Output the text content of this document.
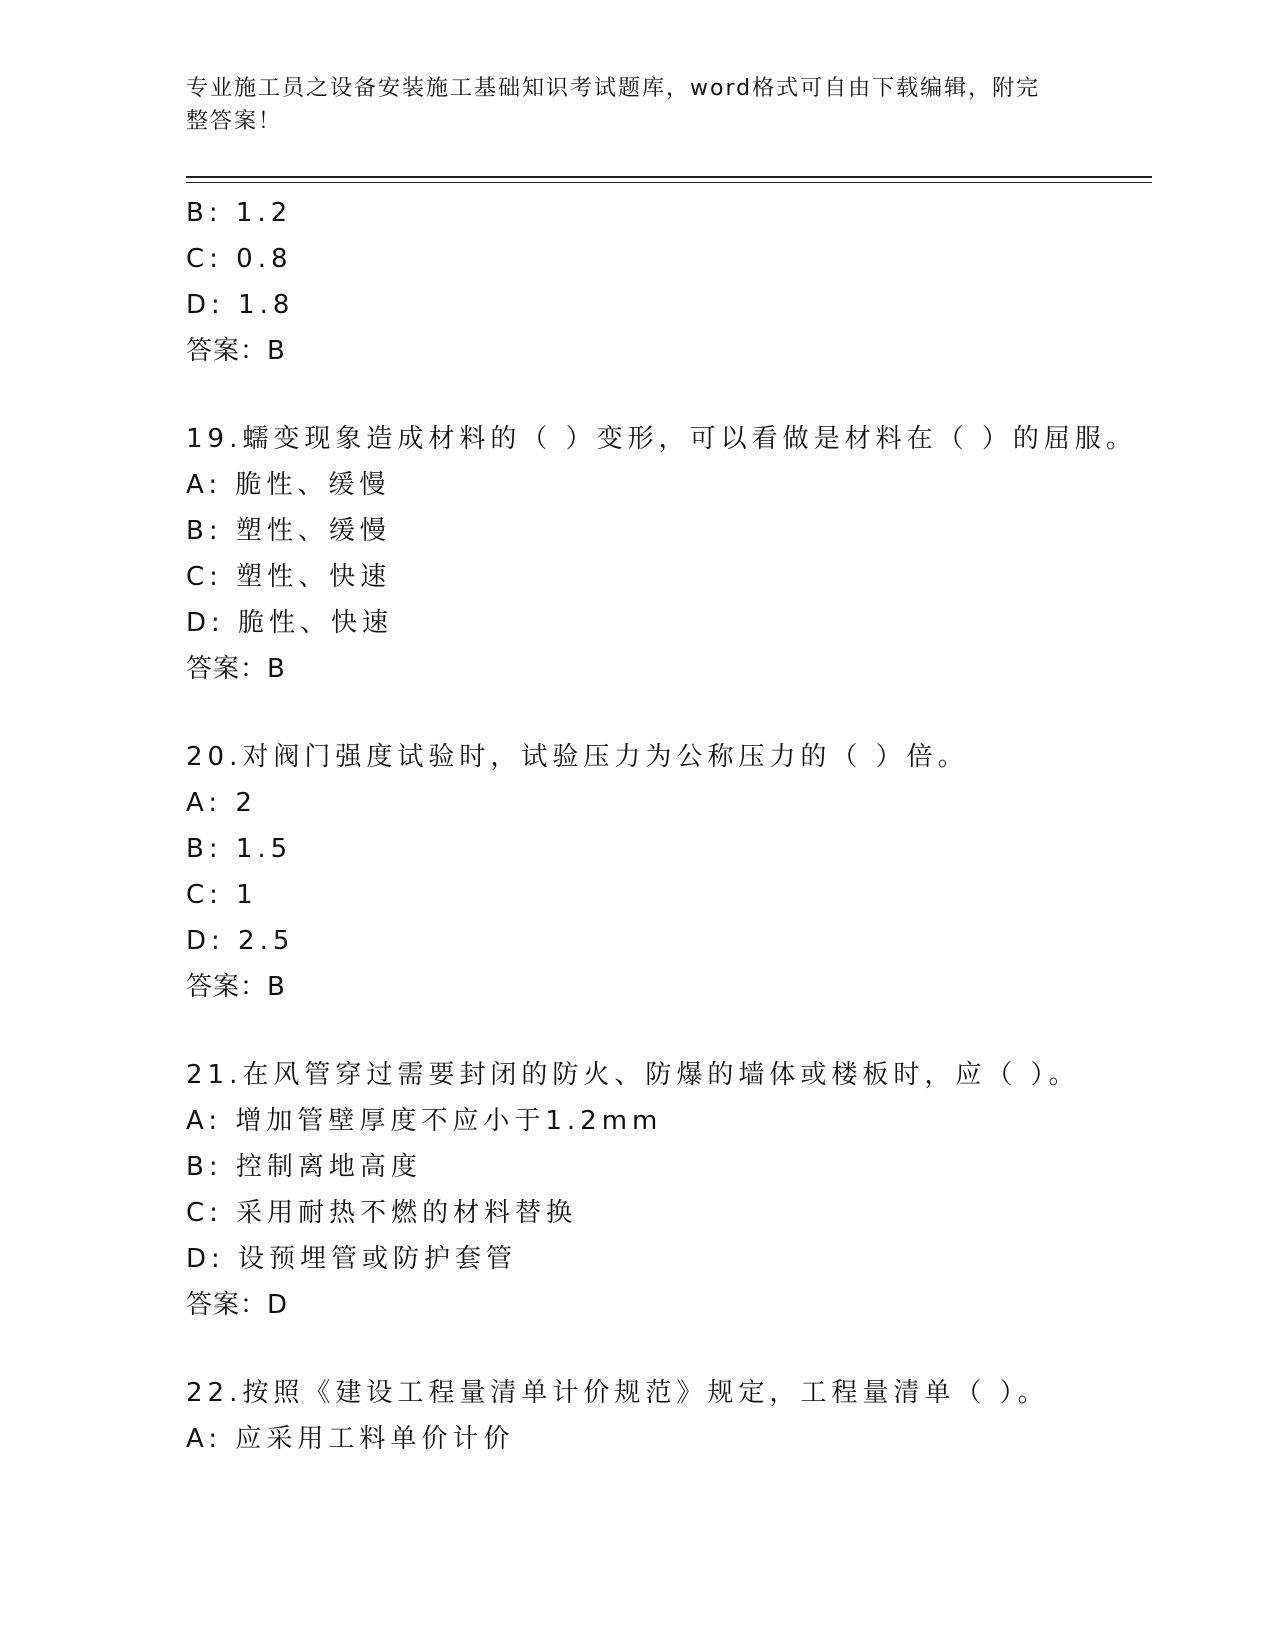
专业施工员之设备安装施工基础知识考试题库，word格式可自由下载编辑，附完
整答案！
B: 1.2
C: 0.8
D: 1.8
答案：B
19.蠕变现象造成材料的（ ）变形，可以看做是材料在（ ）的屈服。
A: 脆性、缓慢
B: 塑性、缓慢
C: 塑性、快速
D: 脆性、快速
答案：B
20.对阀门强度试验时，试验压力为公称压力的（ ）倍。
A: 2
B: 1.5
C: 1
D: 2.5
答案：B
21.在风管穿过需要封闭的防火、防爆的墙体或楼板时，应（ ）。
A: 增加管壁厚度不应小于1.2mm
B: 控制离地高度
C: 采用耐热不燃的材料替换
D: 设预埋管或防护套管
答案：D
22.按照《建设工程量清单计价规范》规定，工程量清单（ ）。
A: 应采用工料单价计价
